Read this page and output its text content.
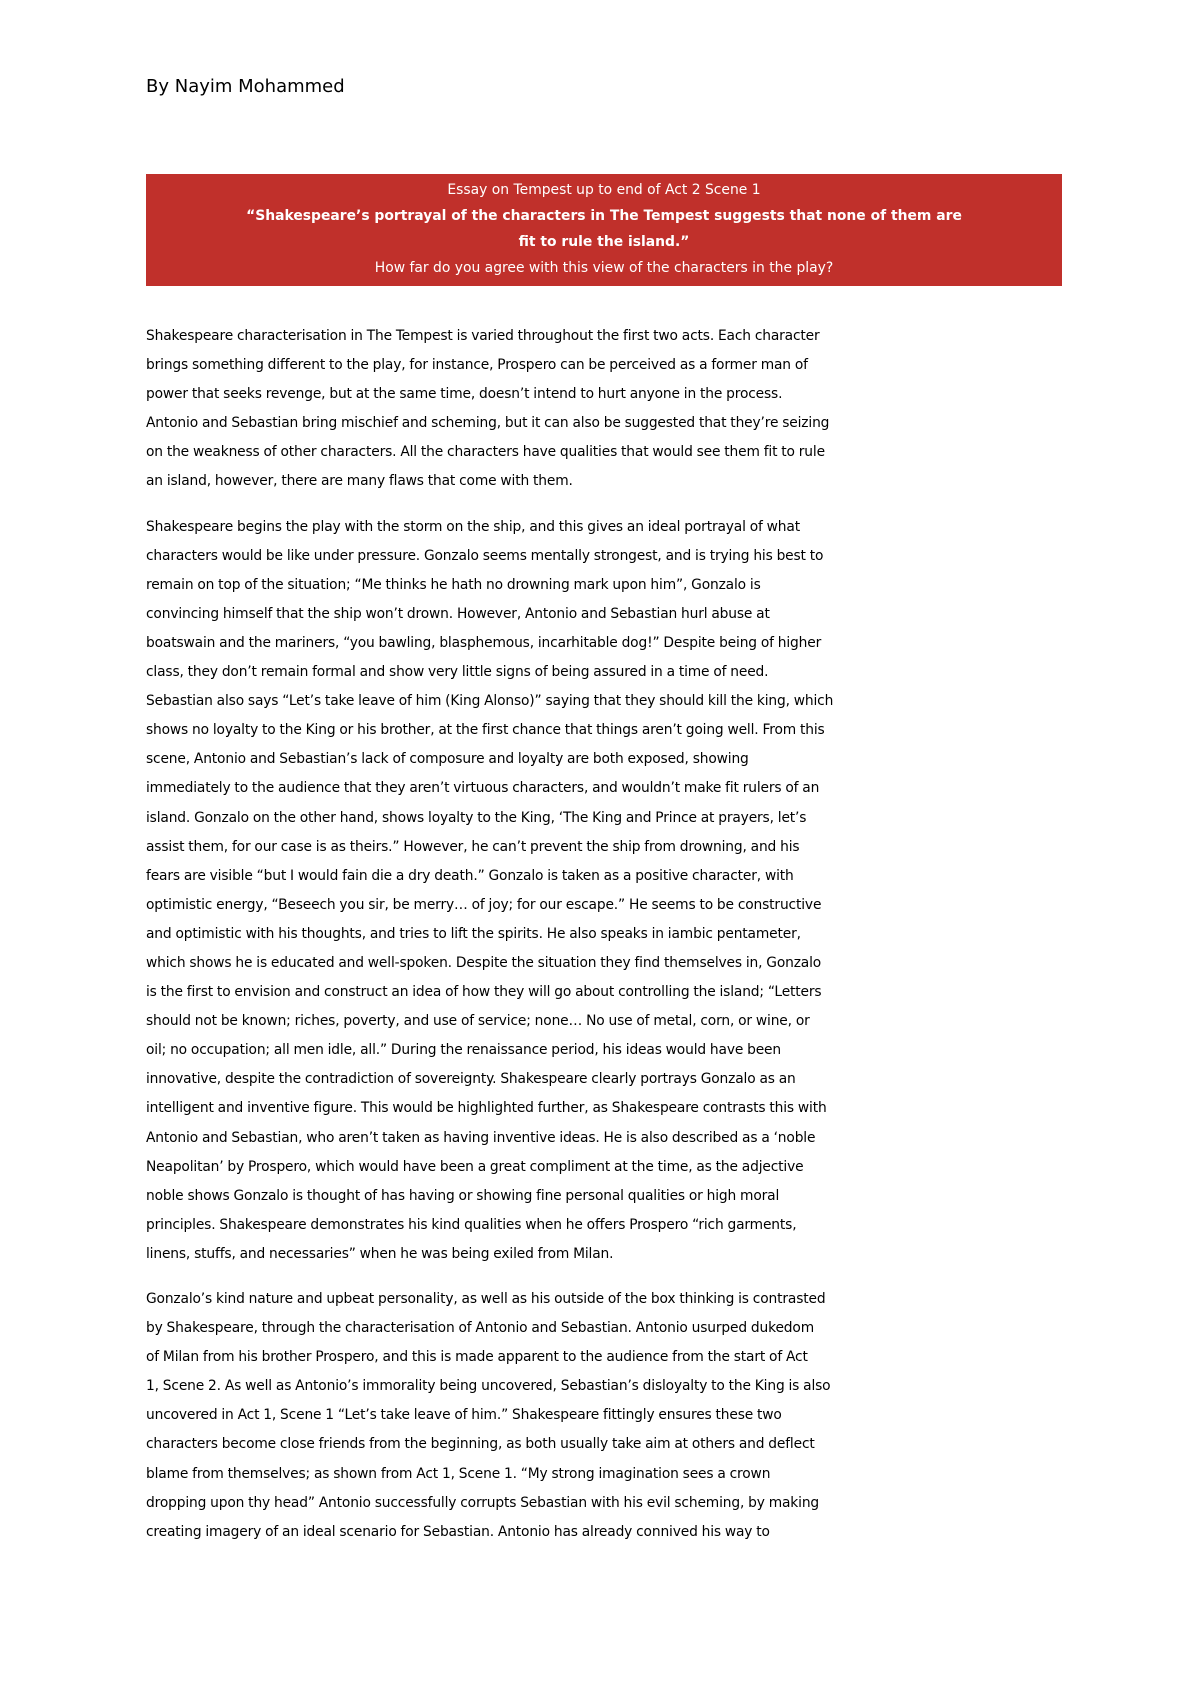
By Nayim Mohammed
Essay on Tempest up to end of Act 2 Scene 1
“Shakespeare’s portrayal of the characters in The Tempest suggests that none of them are
fit to rule the island.”
How far do you agree with this view of the characters in the play?
Shakespeare characterisation in The Tempest is varied throughout the first two acts. Each character
brings something different to the play, for instance, Prospero can be perceived as a former man of
power that seeks revenge, but at the same time, doesn’t intend to hurt anyone in the process.
Antonio and Sebastian bring mischief and scheming, but it can also be suggested that they’re seizing
on the weakness of other characters. All the characters have qualities that would see them fit to rule
an island, however, there are many flaws that come with them.
Shakespeare begins the play with the storm on the ship, and this gives an ideal portrayal of what
characters would be like under pressure. Gonzalo seems mentally strongest, and is trying his best to
remain on top of the situation; “Me thinks he hath no drowning mark upon him”, Gonzalo is
convincing himself that the ship won’t drown. However, Antonio and Sebastian hurl abuse at
boatswain and the mariners, “you bawling, blasphemous, incarhitable dog!” Despite being of higher
class, they don’t remain formal and show very little signs of being assured in a time of need.
Sebastian also says “Let’s take leave of him (King Alonso)” saying that they should kill the king, which
shows no loyalty to the King or his brother, at the first chance that things aren’t going well. From this
scene, Antonio and Sebastian’s lack of composure and loyalty are both exposed, showing
immediately to the audience that they aren’t virtuous characters, and wouldn’t make fit rulers of an
island. Gonzalo on the other hand, shows loyalty to the King, ‘The King and Prince at prayers, let’s
assist them, for our case is as theirs.” However, he can’t prevent the ship from drowning, and his
fears are visible “but I would fain die a dry death.” Gonzalo is taken as a positive character, with
optimistic energy, “Beseech you sir, be merry… of joy; for our escape.” He seems to be constructive
and optimistic with his thoughts, and tries to lift the spirits. He also speaks in iambic pentameter,
which shows he is educated and well-spoken. Despite the situation they find themselves in, Gonzalo
is the first to envision and construct an idea of how they will go about controlling the island; “Letters
should not be known; riches, poverty, and use of service; none… No use of metal, corn, or wine, or
oil; no occupation; all men idle, all.” During the renaissance period, his ideas would have been
innovative, despite the contradiction of sovereignty. Shakespeare clearly portrays Gonzalo as an
intelligent and inventive figure. This would be highlighted further, as Shakespeare contrasts this with
Antonio and Sebastian, who aren’t taken as having inventive ideas. He is also described as a ‘noble
Neapolitan’ by Prospero, which would have been a great compliment at the time, as the adjective
noble shows Gonzalo is thought of has having or showing fine personal qualities or high moral
principles. Shakespeare demonstrates his kind qualities when he offers Prospero “rich garments,
linens, stuffs, and necessaries” when he was being exiled from Milan.
Gonzalo’s kind nature and upbeat personality, as well as his outside of the box thinking is contrasted
by Shakespeare, through the characterisation of Antonio and Sebastian. Antonio usurped dukedom
of Milan from his brother Prospero, and this is made apparent to the audience from the start of Act
1, Scene 2. As well as Antonio’s immorality being uncovered, Sebastian’s disloyalty to the King is also
uncovered in Act 1, Scene 1 “Let’s take leave of him.” Shakespeare fittingly ensures these two
characters become close friends from the beginning, as both usually take aim at others and deflect
blame from themselves; as shown from Act 1, Scene 1. “My strong imagination sees a crown
dropping upon thy head” Antonio successfully corrupts Sebastian with his evil scheming, by making
creating imagery of an ideal scenario for Sebastian. Antonio has already connived his way to
